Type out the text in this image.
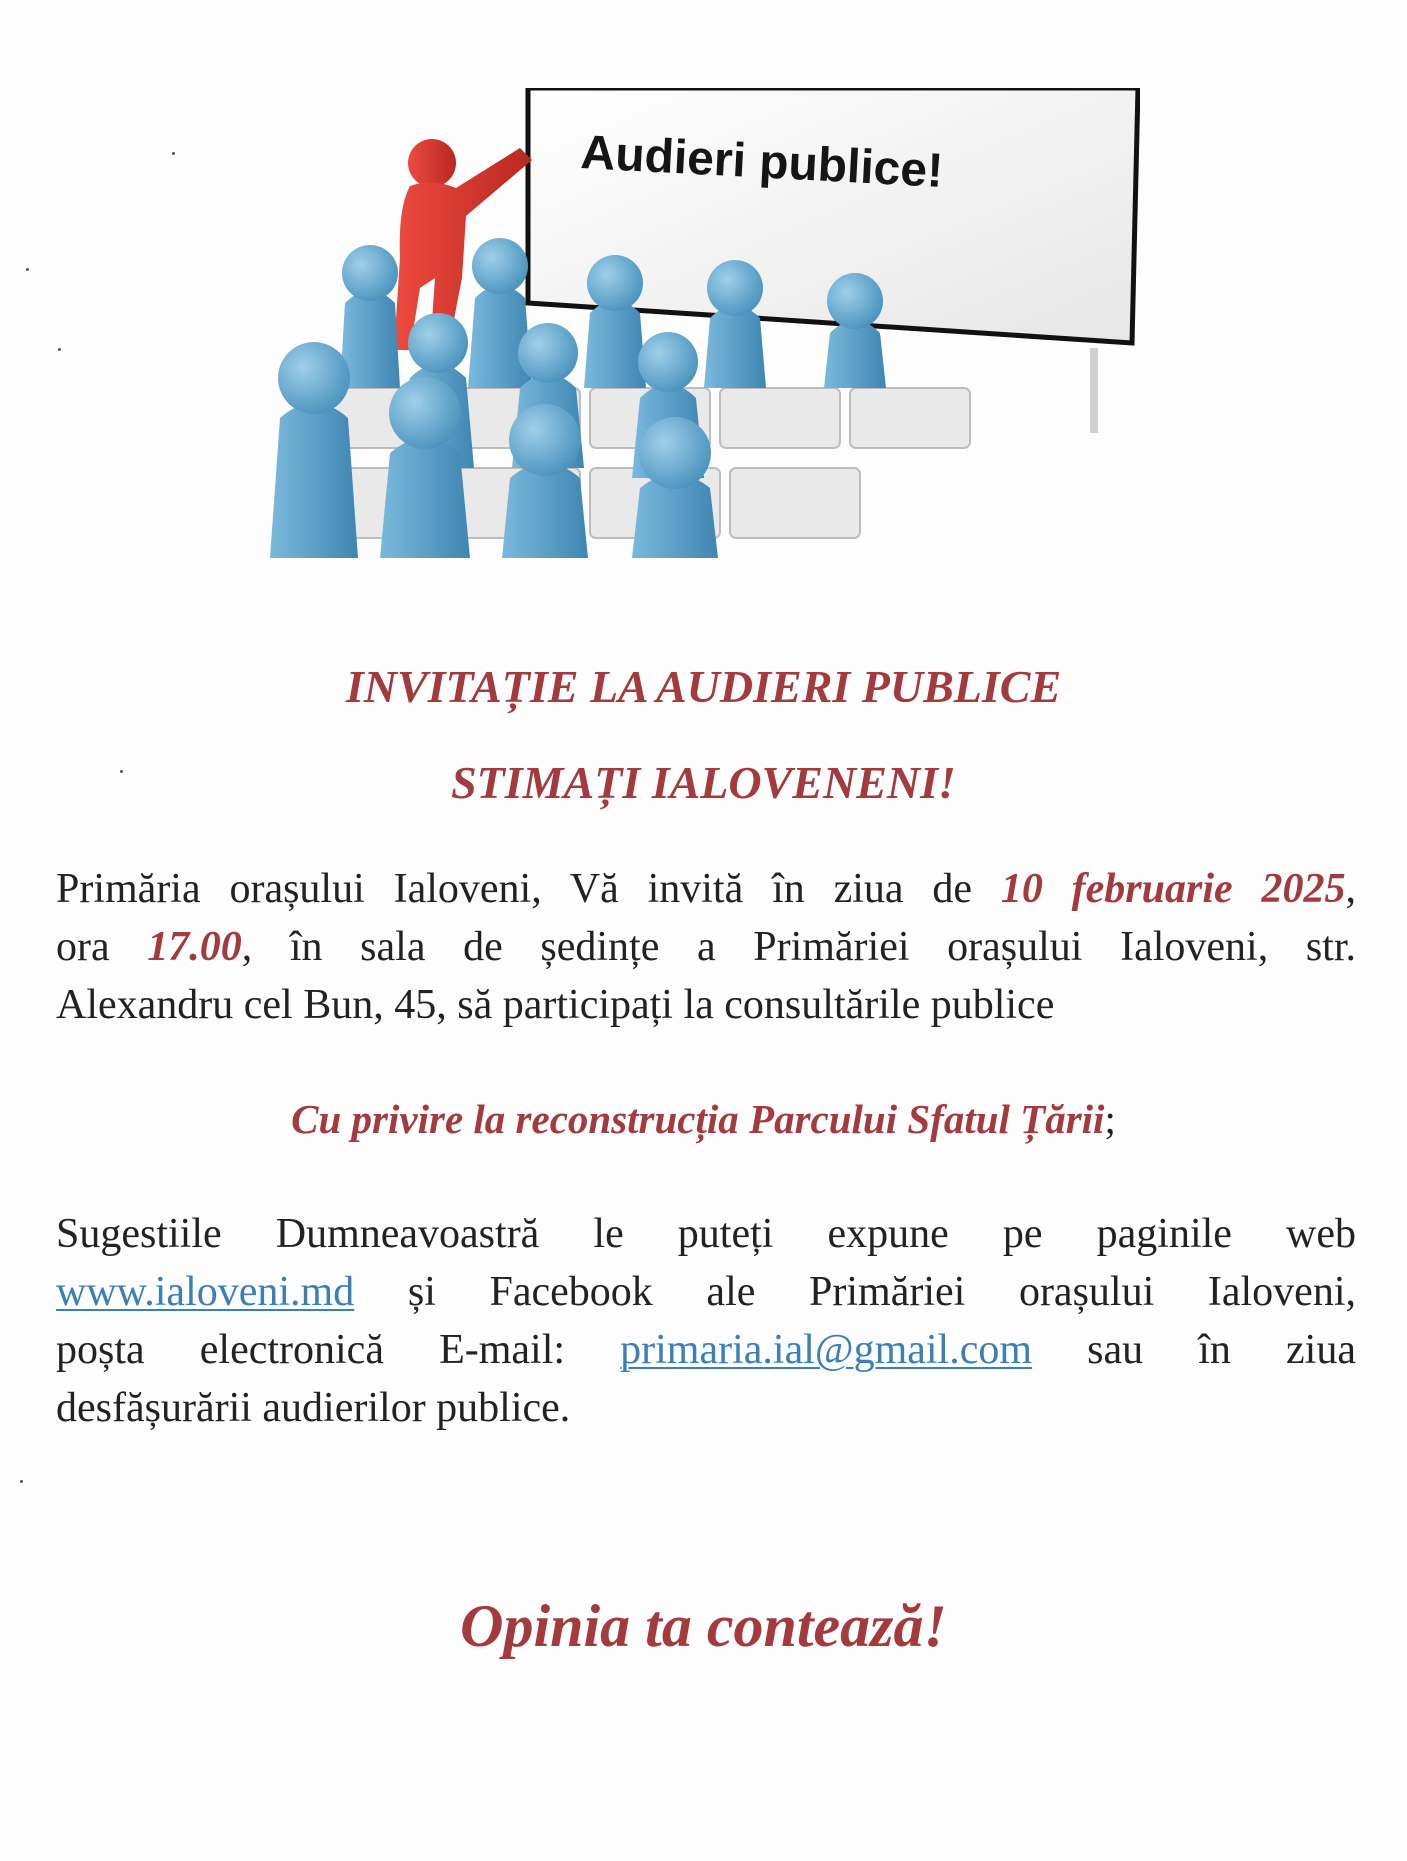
Audieri publice!
INVITAȚIE LA AUDIERI PUBLICE
STIMAȚI IALOVENENI!
Primăria orașului Ialoveni, Vă invită în ziua de 10 februarie 2025,
ora 17.00, în sala de ședințe a Primăriei orașului Ialoveni, str.
Alexandru cel Bun, 45, să participați la consultările publice
Cu privire la reconstrucția Parcului Sfatul Țării;
Sugestiile Dumneavoastră le puteți expune pe paginile web
www.ialoveni.md și Facebook ale Primăriei orașului Ialoveni,
poșta electronică E-mail: primaria.ial@gmail.com sau în ziua
desfășurării audierilor publice.
Opinia ta contează!
